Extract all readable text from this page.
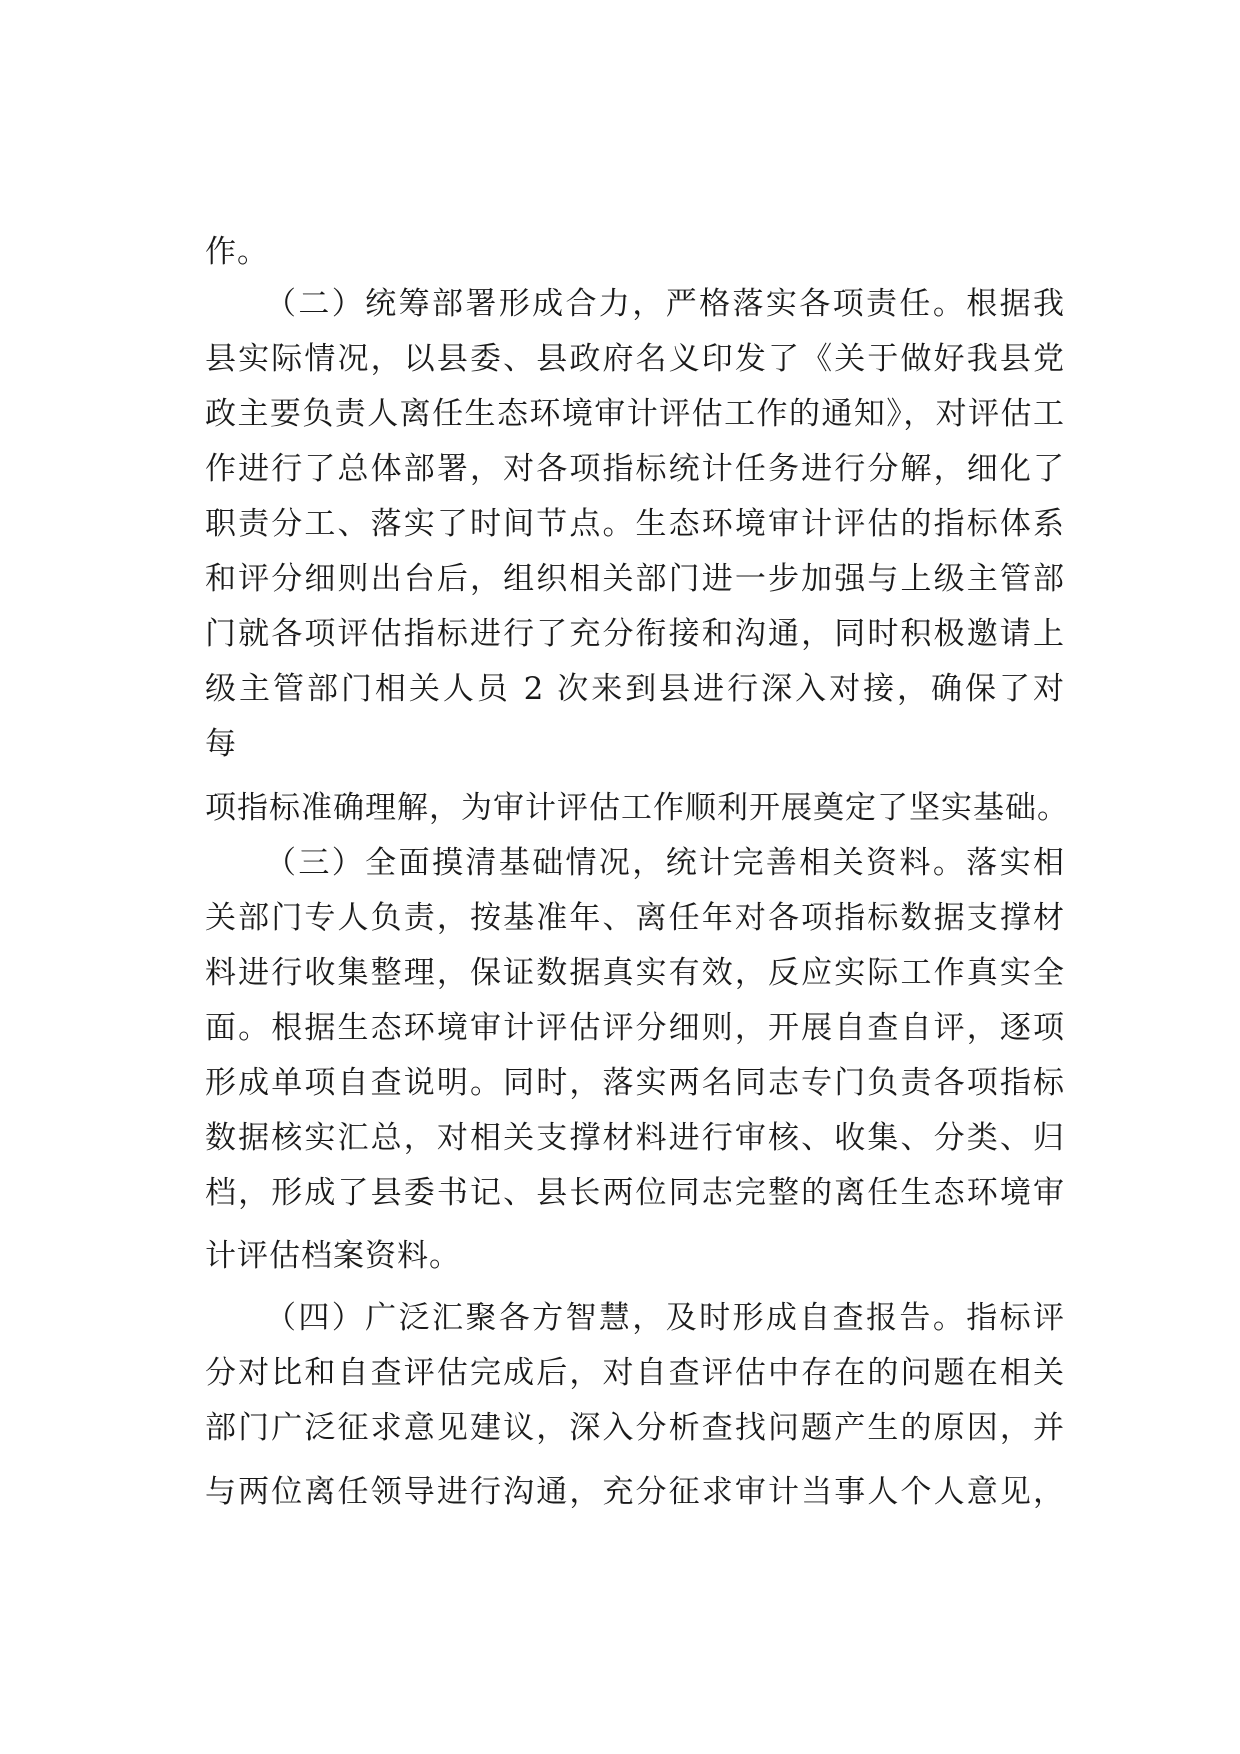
作。
（二）统筹部署形成合力，严格落实各项责任。根据我
县实际情况，以县委、县政府名义印发了《关于做好我县党
政主要负责人离任生态环境审计评估工作的通知》，对评估工
作进行了总体部署，对各项指标统计任务进行分解，细化了
职责分工、落实了时间节点。生态环境审计评估的指标体系
和评分细则出台后，组织相关部门进一步加强与上级主管部
门就各项评估指标进行了充分衔接和沟通，同时积极邀请上
级主管部门相关人员 2 次来到县进行深入对接，确保了对
每
项指标准确理解，为审计评估工作顺利开展奠定了坚实基础。
（三）全面摸清基础情况，统计完善相关资料。落实相
关部门专人负责，按基准年、离任年对各项指标数据支撑材
料进行收集整理，保证数据真实有效，反应实际工作真实全
面。根据生态环境审计评估评分细则，开展自查自评，逐项
形成单项自查说明。同时，落实两名同志专门负责各项指标
数据核实汇总，对相关支撑材料进行审核、收集、分类、归
档，形成了县委书记、县长两位同志完整的离任生态环境审
计评估档案资料。
（四）广泛汇聚各方智慧，及时形成自查报告。指标评
分对比和自查评估完成后，对自查评估中存在的问题在相关
部门广泛征求意见建议，深入分析查找问题产生的原因，并
与两位离任领导进行沟通，充分征求审计当事人个人意见，
